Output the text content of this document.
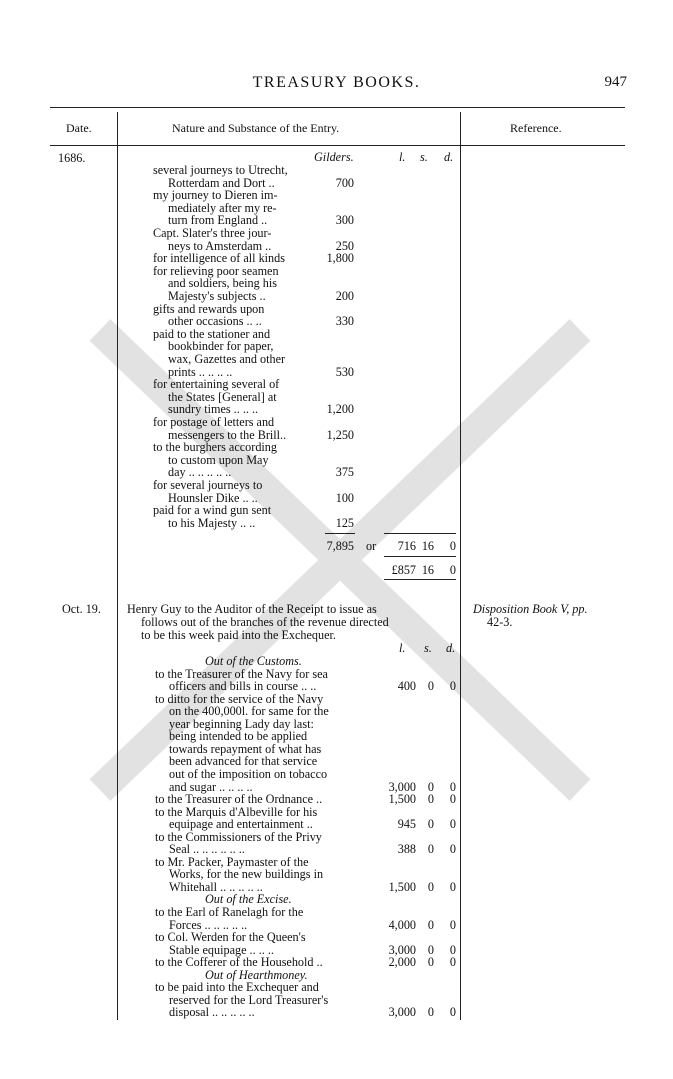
TREASURY BOOKS.	947
Date.	Nature and Substance of the Entry.	Reference.
1686.	Gilders.	l. s. d.
several journeys to Utrecht,
Rotterdam and Dort ..	700
my journey to Dieren im-
mediately after my re-
turn from England ..	300
Capt. Slater's three jour-
neys to Amsterdam ..	250
for intelligence of all kinds	1,800
for relieving poor seamen
and soldiers, being his
Majesty's subjects ..	200
gifts and rewards upon
other occasions .. ..	330
paid to the stationer and
bookbinder for paper,
wax, Gazettes and other
prints .. .. .. ..	530
for entertaining several of
the States [General] at
sundry times .. .. ..	1,200
for postage of letters and
messengers to the Brill..	1,250
to the burghers according
to custom upon May
day .. .. .. .. ..	375
for several journeys to
Hounsler Dike .. ..	100
paid for a wind gun sent
to his Majesty .. ..	125
7,895 or	716 16	0
£857 16	0
Oct. 19. Henry Guy to the Auditor of the Receipt to issue as
follows out of the branches of the revenue directed
to be this week paid into the Exchequer.
Disposition Book V, pp.
42-3.
l. s. d.
Out of the Customs.
to the Treasurer of the Navy for sea
officers and bills in course .. ..	400 0	0
to ditto for the service of the Navy
on the 400,000l. for same for the
year beginning Lady day last:
being intended to be applied
towards repayment of what has
been advanced for that service
out of the imposition on tobacco
and sugar .. .. .. ..	3,000 0	0
to the Treasurer of the Ordnance ..	1,500 0	0
to the Marquis d'Albeville for his
equipage and entertainment ..	945 0	0
to the Commissioners of the Privy
Seal .. .. .. .. .. ..	388 0	0
to Mr. Packer, Paymaster of the
Works, for the new buildings in
Whitehall .. .. .. .. ..	1,500 0	0
Out of the Excise.
to the Earl of Ranelagh for the
Forces .. .. .. .. ..	4,000 0	0
to Col. Werden for the Queen's
Stable equipage .. .. ..	3,000 0	0
to the Cofferer of the Household ..	2,000 0	0
Out of Hearthmoney.
to be paid into the Exchequer and
reserved for the Lord Treasurer's
disposal .. .. .. .. ..	3,000 0	0
